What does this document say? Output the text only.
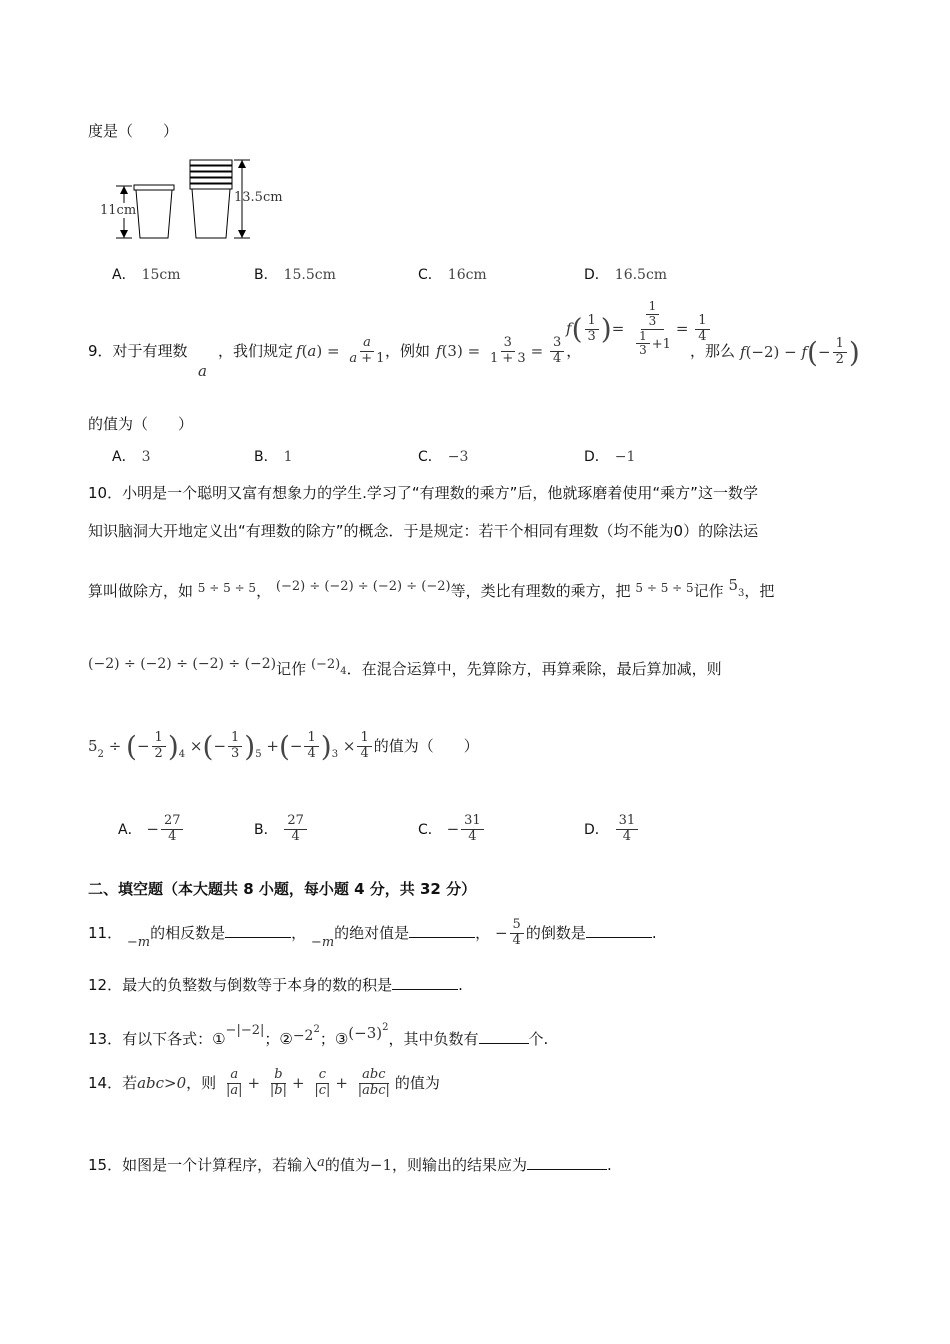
度是（　　）
11cm
13.5cm
A． 15cm	B． 15.5cm	C． 16cm	D． 16.5cm
9．对于有理数
a
，我们规定 $f(a) = \frac{a}{a + 1}$
，例如 $f(3) = \frac{3}{1 + 3} = \frac{3}{4}$ ，
$f( \frac{1}{3}$ )= $\frac{\frac{1}{3}}{\frac{1}{3} +1} = \frac{1}{4}$
，那么 $f(-2) - f(- \frac{1}{2}$ )
的值为（　　）
A． 3	B． 1	C． −3	D． −1
10．小明是一个聪明又富有想象力的学生.学习了“有理数的乘方”后，他就琢磨着使用“乘方”这一数学
知识脑洞大开地定义出“有理数的除方”的概念．于是规定：若干个相同有理数（均不能为0）的除法运
算叫做除方，如 $^{5 \div 5 \div 5}$， (−2) ÷ (−2) ÷ (−2) ÷ (−2)等，类比有理数的乘方，把 $^{5 \div 5 \div 5}$记作 $5_3$，把
(−2) ÷ (−2) ÷ (−2) ÷ (−2)记作 $(-2)_4$．在混合运算中，先算除方，再算乘除，最后算加减，则
$5_2$ ÷ (− $\frac{1}{2} )_4$ ×(− $\frac{1}{3} )_5$ +(− $\frac{1}{4} )_3 \times \frac{1}{4}$ 的值为（　　）
A． − $\frac{27}{4}$	B． $\frac{27}{4}$	C． − $\frac{31}{4}$	D． $\frac{31}{4}$
二、填空题（本大题共 8 小题，每小题 4 分，共 32 分）
11． −m的相反数是	， −m的绝对值是	， − $\frac{5}{4}$ 的倒数是	.
12．最大的负整数与倒数等于本身的数的积是	.
13．有以下各式：①−|−2|；$②-2^2$；$③(-3)^2$，其中负数有	个.
14．若abc>0，则 $\frac{a}{|a|} + \frac{b}{|b|} + \frac{c}{|c|} + \frac{\text{abc}}{\text{|abc|}}$ 的值为
15．如图是一个计算程序，若输入a的值为−1，则输出的结果应为	.
